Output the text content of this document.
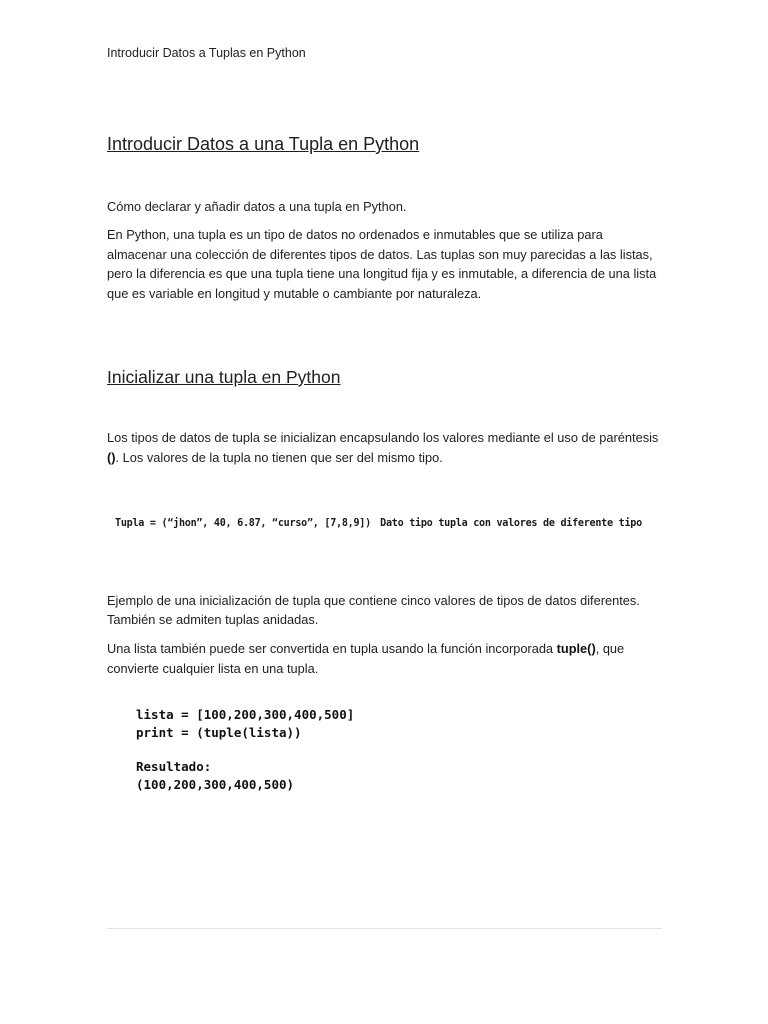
Introducir Datos a Tuplas en Python
Introducir Datos a una Tupla en Python

Cómo declarar y añadir datos a una tupla en Python.

En Python, una tupla es un tipo de datos no ordenados e inmutables que se utiliza para almacenar una colección de diferentes tipos de datos. Las tuplas son muy parecidas a las listas, pero la diferencia es que una tupla tiene una longitud fija y es inmutable, a diferencia de una lista que es variable en longitud y mutable o cambiante por naturaleza.

Inicializar una tupla en Python

Los tipos de datos de tupla se inicializan encapsulando los valores mediante el uso de paréntesis (). Los valores de la tupla no tienen que ser del mismo tipo.

Tupla = (“jhon”, 40, 6.87, “curso”, [7,8,9]) Dato tipo tupla con valores de diferente tipo

Ejemplo de una inicialización de tupla que contiene cinco valores de tipos de datos diferentes. También se admiten tuplas anidadas.

Una lista también puede ser convertida en tupla usando la función incorporada tuple(), que convierte cualquier lista en una tupla.

lista = [100,200,300,400,500]
print = (tuple(lista))
Resultado:
(100,200,300,400,500)
